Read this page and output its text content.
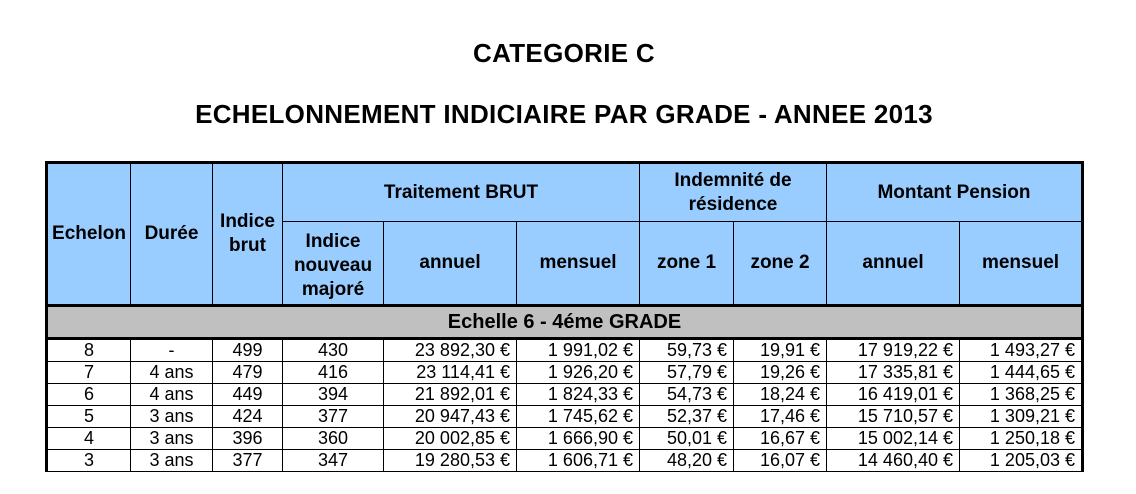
CATEGORIE C
ECHELONNEMENT INDICIAIRE PAR GRADE - ANNEE 2013
Echelon	Durée	Indice brut	Traitement BRUT			Indemnité de résidence		Montant Pension	
			Indice nouveau majoré	annuel	mensuel	zone 1	zone 2	annuel	mensuel
Echelle 6 - 4éme GRADE									
8	-	499	430	23 892,30 €	1 991,02 €	59,73 €	19,91 €	17 919,22 €	1 493,27 €
7	4 ans	479	416	23 114,41 €	1 926,20 €	57,79 €	19,26 €	17 335,81 €	1 444,65 €
6	4 ans	449	394	21 892,01 €	1 824,33 €	54,73 €	18,24 €	16 419,01 €	1 368,25 €
5	3 ans	424	377	20 947,43 €	1 745,62 €	52,37 €	17,46 €	15 710,57 €	1 309,21 €
4	3 ans	396	360	20 002,85 €	1 666,90 €	50,01 €	16,67 €	15 002,14 €	1 250,18 €
3	3 ans	377	347	19 280,53 €	1 606,71 €	48,20 €	16,07 €	14 460,40 €	1 205,03 €
